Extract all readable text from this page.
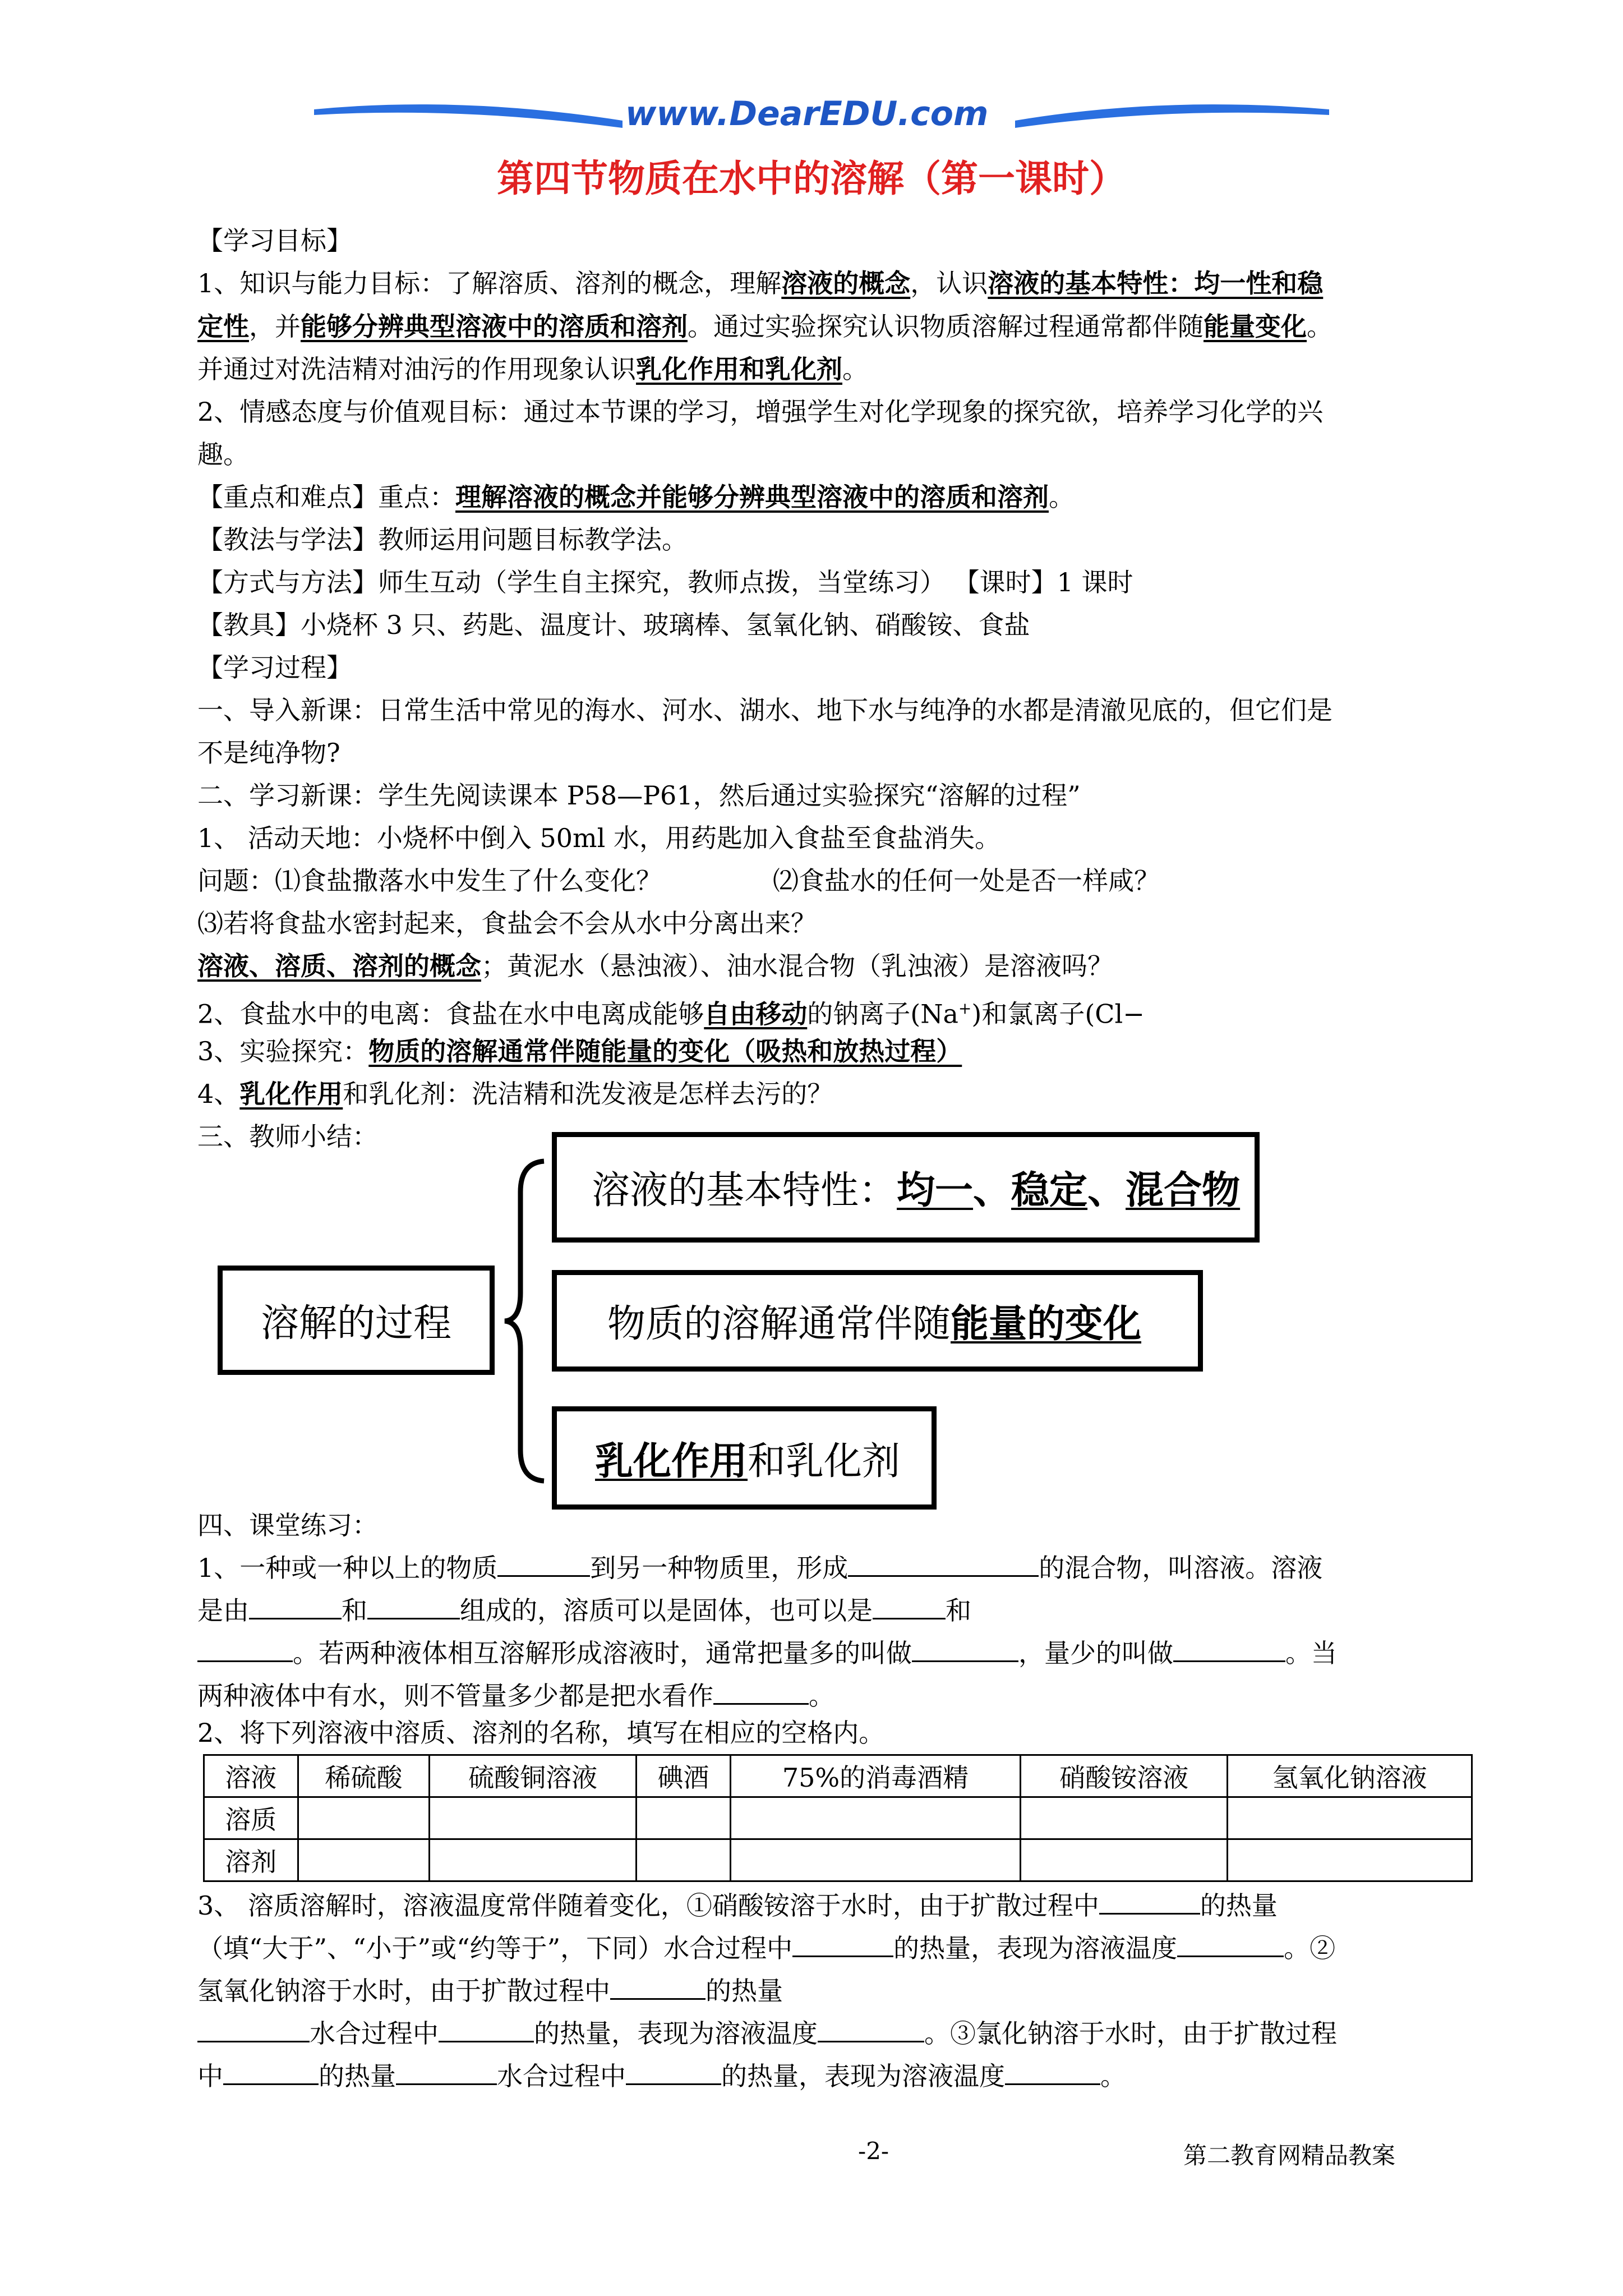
www.DearEDU.com
第四节物质在水中的溶解（第一课时）
【学习目标】
1、知识与能力目标：了解溶质、溶剂的概念，理解溶液的概念，认识溶液的基本特性：均一性和稳
定性，并能够分辨典型溶液中的溶质和溶剂。通过实验探究认识物质溶解过程通常都伴随能量变化。
并通过对洗洁精对油污的作用现象认识乳化作用和乳化剂。
2、情感态度与价值观目标：通过本节课的学习，增强学生对化学现象的探究欲，培养学习化学的兴
趣。
【重点和难点】重点：理解溶液的概念并能够分辨典型溶液中的溶质和溶剂。
【教法与学法】教师运用问题目标教学法。
【方式与方法】师生互动（学生自主探究，教师点拨，当堂练习） 【课时】1 课时
【教具】小烧杯 3 只、药匙、温度计、玻璃棒、氢氧化钠、硝酸铵、食盐
【学习过程】
一、导入新课：日常生活中常见的海水、河水、湖水、地下水与纯净的水都是清澈见底的，但它们是
不是纯净物?
二、学习新课：学生先阅读课本 P58—P61，然后通过实验探究“溶解的过程”
1、 活动天地：小烧杯中倒入 50ml 水，用药匙加入食盐至食盐消失。
问题：⑴食盐撒落水中发生了什么变化？	⑵食盐水的任何一处是否一样咸？
⑶若将食盐水密封起来，食盐会不会从水中分离出来？
溶液、溶质、溶剂的概念；黄泥水（悬浊液）、油水混合物（乳浊液）是溶液吗？
2、食盐水中的电离：食盐在水中电离成能够自由移动的钠离子(Na+)和氯离子(Cl−
3、实验探究：物质的溶解通常伴随能量的变化（吸热和放热过程）
4、乳化作用和乳化剂：洗洁精和洗发液是怎样去污的？
三、教师小结：
溶解的过程
溶液的基本特性： 均一 、 稳定 、 混合物
物质的溶解通常伴随 能量的变化
乳化作用 和乳化剂
四、课堂练习：
1、一种或一种以上的物质	到另一种物质里，形成	的混合物，叫溶液。溶液
是由	和	组成的，溶质可以是固体，也可以是	和
。若两种液体相互溶解形成溶液时，通常把量多的叫做	，量少的叫做	。当
两种液体中有水，则不管量多少都是把水看作	。
2、将下列溶液中溶质、溶剂的名称，填写在相应的空格内。
溶液	稀硫酸	硫酸铜溶液	碘酒	75%的消毒酒精	硝酸铵溶液	氢氧化钠溶液
溶质						
溶剂						
3、 溶质溶解时，溶液温度常伴随着变化，①硝酸铵溶于水时，由于扩散过程中	的热量
（填“大于”、“小于”或“约等于”，下同）水合过程中	的热量，表现为溶液温度	。②
氢氧化钠溶于水时，由于扩散过程中	的热量
水合过程中	的热量，表现为溶液温度	。③氯化钠溶于水时，由于扩散过程
中	的热量	水合过程中	的热量，表现为溶液温度	。
-2-	第二教育网精品教案
